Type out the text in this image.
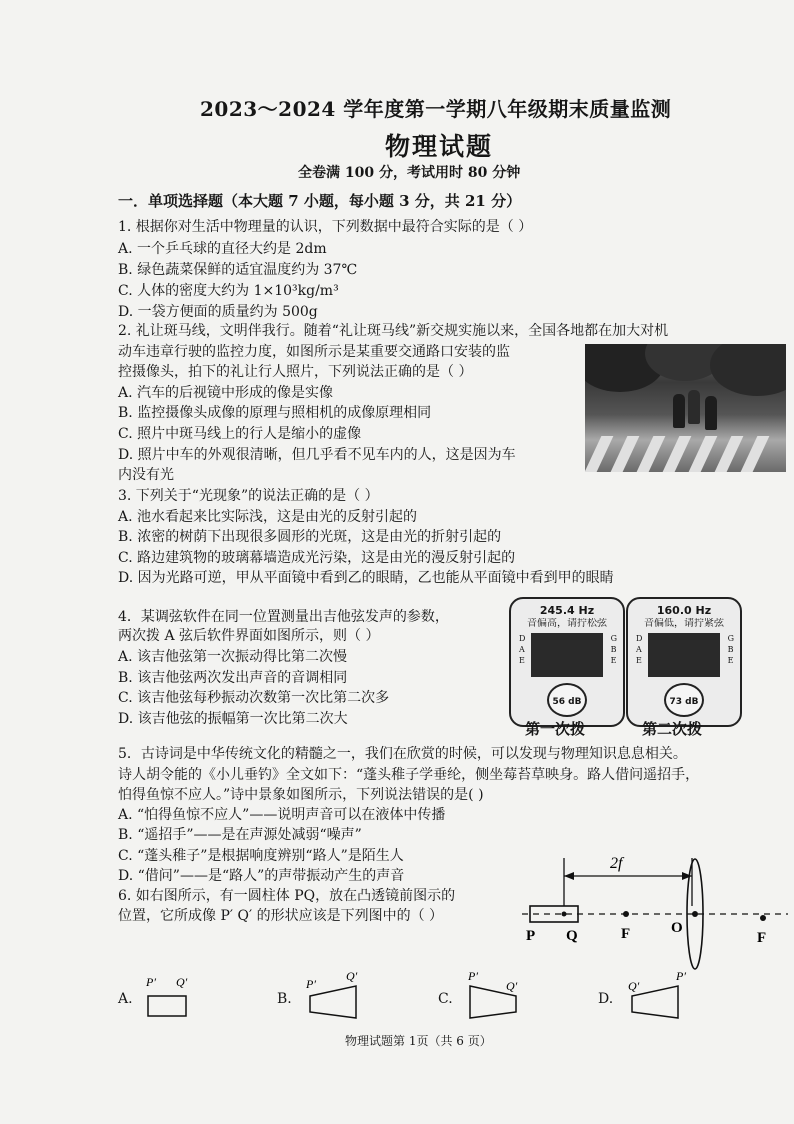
2023～2024 学年度第一学期八年级期末质量监测
物理试题
全卷满 100 分，考试用时 80 分钟
一．单项选择题（本大题 7 小题，每小题 3 分，共 21 分）
1. 根据你对生活中物理量的认识，下列数据中最符合实际的是（ ）
A. 一个乒乓球的直径大约是 2dm
B. 绿色蔬菜保鲜的适宜温度约为 37℃
C. 人体的密度大约为 1×10³kg/m³
D. 一袋方便面的质量约为 500g
2. 礼让斑马线，文明伴我行。随着“礼让斑马线”新交规实施以来，全国各地都在加大对机
动车违章行驶的监控力度，如图所示是某重要交通路口安装的监
控摄像头，拍下的礼让行人照片，下列说法正确的是（ ）
A. 汽车的后视镜中形成的像是实像
B. 监控摄像头成像的原理与照相机的成像原理相同
C. 照片中斑马线上的行人是缩小的虚像
D. 照片中车的外观很清晰，但几乎看不见车内的人，这是因为车
内没有光
3. 下列关于“光现象”的说法正确的是（ ）
A. 池水看起来比实际浅，这是由光的反射引起的
B. 浓密的树荫下出现很多圆形的光斑，这是由光的折射引起的
C. 路边建筑物的玻璃幕墙造成光污染，这是由光的漫反射引起的
D. 因为光路可逆，甲从平面镜中看到乙的眼睛，乙也能从平面镜中看到甲的眼睛
4．某调弦软件在同一位置测量出吉他弦发声的参数，
两次拨 A 弦后软件界面如图所示，则（ ）
A. 该吉他弦第一次振动得比第二次慢
B. 该吉他弦两次发出声音的音调相同
C. 该吉他弦每秒振动次数第一次比第二次多
D. 该吉他弦的振幅第一次比第二次大
245.4 Hz
音偏高，请拧松弦
D
A
E
G
B
E
56 dB
第一次拨
160.0 Hz
音偏低，请拧紧弦
D
A
E
G
B
E
73 dB
第二次拨
5．古诗词是中华传统文化的精髓之一，我们在欣赏的时候，可以发现与物理知识息息相关。
诗人胡令能的《小儿垂钓》全文如下：“蓬头稚子学垂纶，侧坐莓苔草映身。路人借问遥招手，
怕得鱼惊不应人。”诗中景象如图所示，下列说法错误的是( )
A. “怕得鱼惊不应人”——说明声音可以在液体中传播
B. “遥招手”——是在声源处减弱“噪声”
C. “蓬头稚子”是根据响度辨别“路人”是陌生人
D. “借问”——是“路人”的声带振动产生的声音
6. 如右图所示，有一圆柱体 PQ，放在凸透镜前图示的
位置，它所成像 P′ Q′ 的形状应该是下列图中的（ ）
2f
P Q	F	O
F
A.
P′ Q′
B.
P′
Q′
C.
P′
Q′
D.
Q′
P′
物理试题第 1页（共 6 页）
